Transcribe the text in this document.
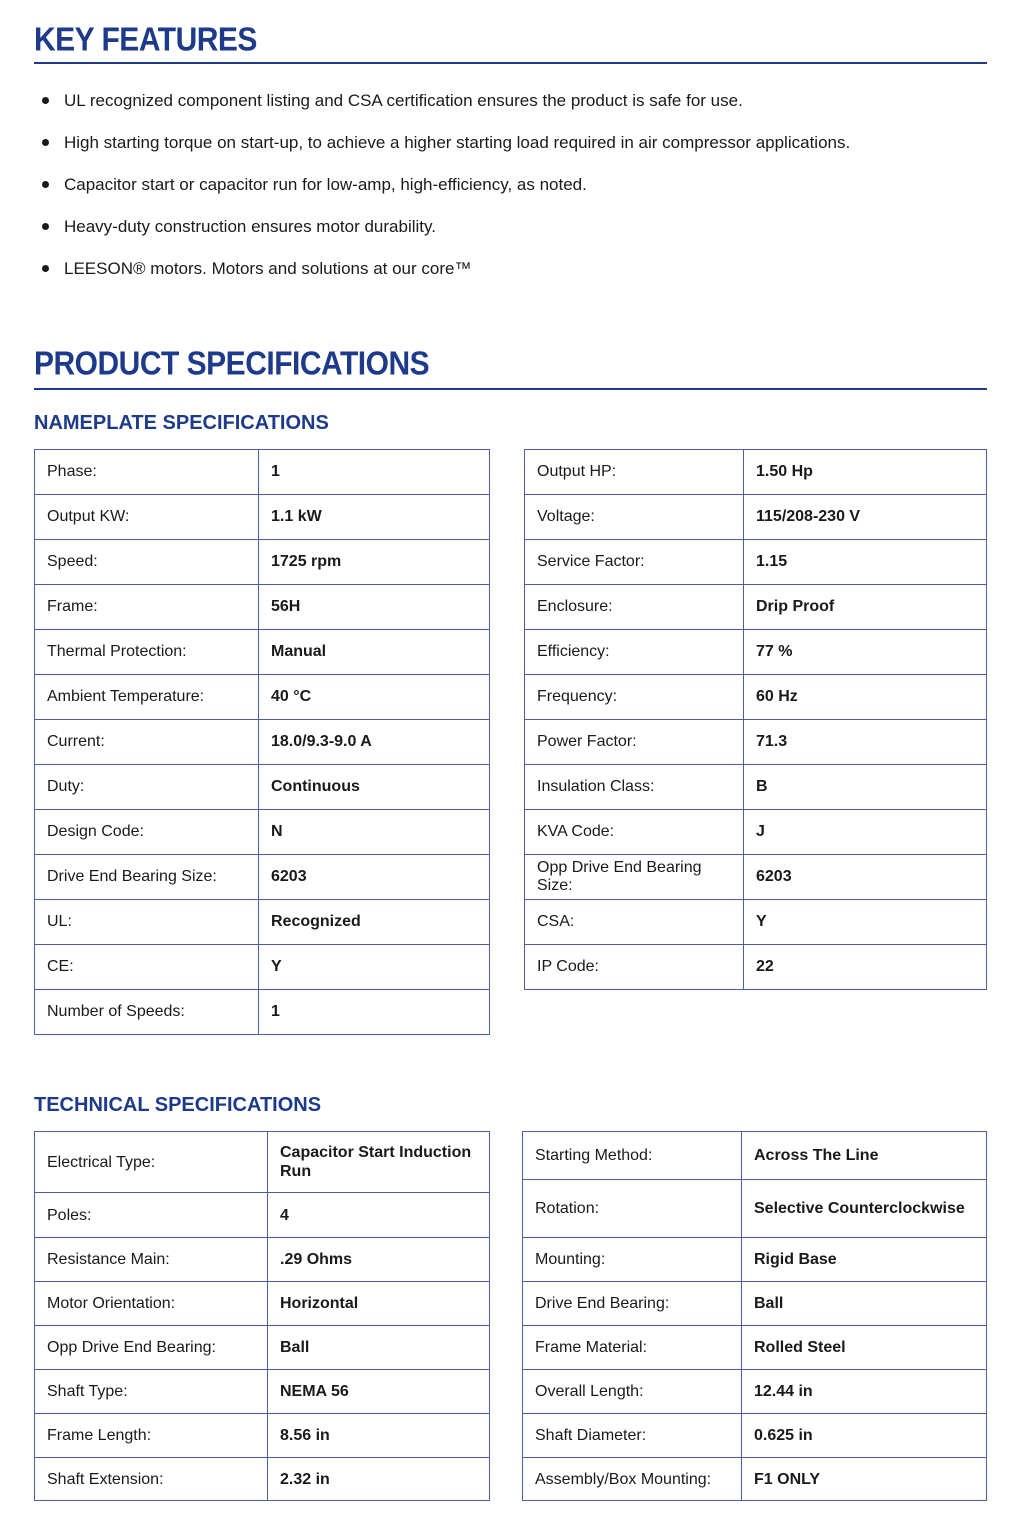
KEY FEATURES
UL recognized component listing and CSA certification ensures the product is safe for use.
High starting torque on start-up, to achieve a higher starting load required in air compressor applications.
Capacitor start or capacitor run for low-amp, high-efficiency, as noted.
Heavy-duty construction ensures motor durability.
LEESON® motors. Motors and solutions at our core™
PRODUCT SPECIFICATIONS
NAMEPLATE SPECIFICATIONS
Phase:	1
Output KW:	1.1 kW
Speed:	1725 rpm
Frame:	56H
Thermal Protection:	Manual
Ambient Temperature:	40 °C
Current:	18.0/9.3-9.0 A
Duty:	Continuous
Design Code:	N
Drive End Bearing Size:	6203
UL:	Recognized
CE:	Y
Number of Speeds:	1
Output HP:	1.50 Hp
Voltage:	115/208-230 V
Service Factor:	1.15
Enclosure:	Drip Proof
Efficiency:	77 %
Frequency:	60 Hz
Power Factor:	71.3
Insulation Class:	B
KVA Code:	J
Opp Drive End Bearing Size:	6203
CSA:	Y
IP Code:	22
TECHNICAL SPECIFICATIONS
Electrical Type:	Capacitor Start Induction Run
Poles:	4
Resistance Main:	.29 Ohms
Motor Orientation:	Horizontal
Opp Drive End Bearing:	Ball
Shaft Type:	NEMA 56
Frame Length:	8.56 in
Shaft Extension:	2.32 in
Starting Method:	Across The Line
Rotation:	Selective Counterclockwise
Mounting:	Rigid Base
Drive End Bearing:	Ball
Frame Material:	Rolled Steel
Overall Length:	12.44 in
Shaft Diameter:	0.625 in
Assembly/Box Mounting:	F1 ONLY
